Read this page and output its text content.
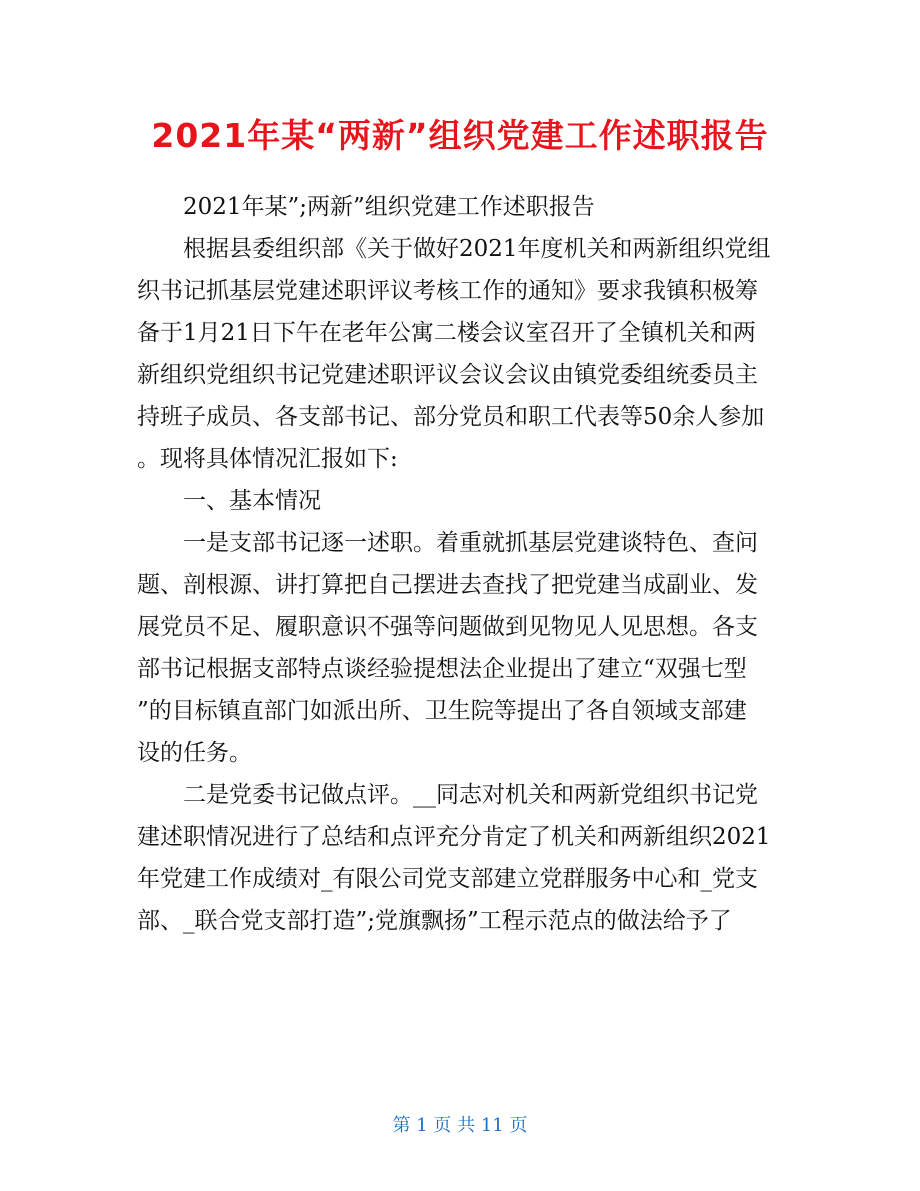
2021年某“两新”组织党建工作述职报告

2021年某”;两新”组织党建工作述职报告

根据县委组织部《关于做好2021年度机关和两新组织党组

织书记抓基层党建述职评议考核工作的通知》要求我镇积极筹

备于1月21日下午在老年公寓二楼会议室召开了全镇机关和两

新组织党组织书记党建述职评议会议会议由镇党委组统委员主

持班子成员、各支部书记、部分党员和职工代表等50余人参加

。现将具体情况汇报如下:

一、基本情况

一是支部书记逐一述职。着重就抓基层党建谈特色、查问

题、剖根源、讲打算把自己摆进去查找了把党建当成副业、发

展党员不足、履职意识不强等问题做到见物见人见思想。各支

部书记根据支部特点谈经验提想法企业提出了建立“双强七型

”的目标镇直部门如派出所、卫生院等提出了各自领域支部建

设的任务。

二是党委书记做点评。__同志对机关和两新党组织书记党

建述职情况进行了总结和点评充分肯定了机关和两新组织2021

年党建工作成绩对_有限公司党支部建立党群服务中心和_党支

部、_联合党支部打造”;党旗飘扬”工程示范点的做法给予了

第 1 页 共 11 页
